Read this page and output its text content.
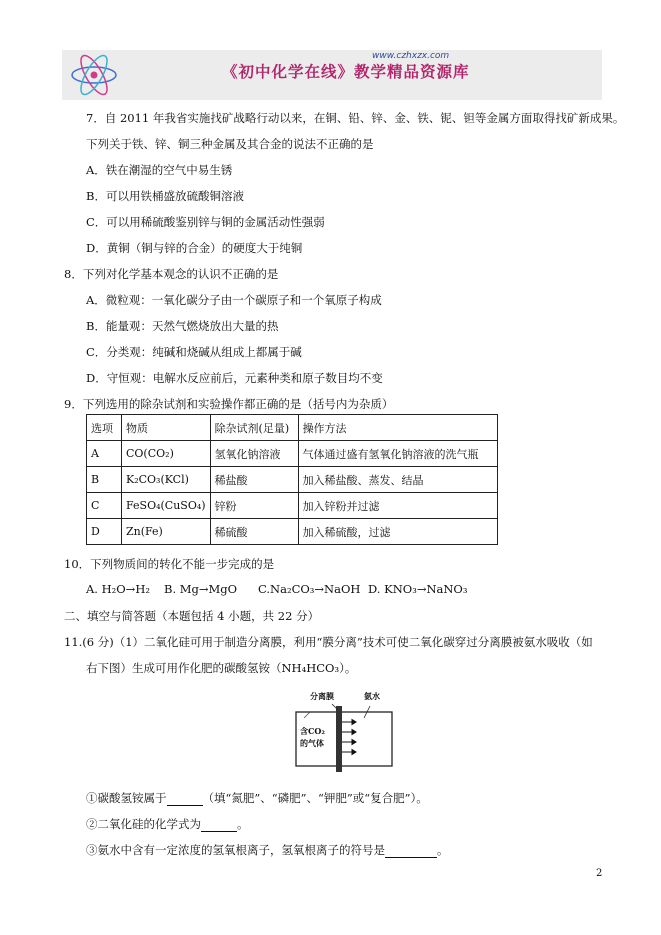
www.czhxzx.com
《初中化学在线》教学精品资源库
7．自 2011 年我省实施找矿战略行动以来，在铜、铅、锌、金、铁、铌、钽等金属方面取得找矿新成果。
下列关于铁、锌、铜三种金属及其合金的说法不正确的是
A．铁在潮湿的空气中易生锈
B．可以用铁桶盛放硫酸铜溶液
C．可以用稀硫酸鉴别锌与铜的金属活动性强弱
D．黄铜（铜与锌的合金）的硬度大于纯铜
8．下列对化学基本观念的认识不正确的是
A．微粒观：一氧化碳分子由一个碳原子和一个氧原子构成
B．能量观：天然气燃烧放出大量的热
C．分类观：纯碱和烧碱从组成上都属于碱
D．守恒观：电解水反应前后，元素种类和原子数目均不变
9．下列选用的除杂试剂和实验操作都正确的是（括号内为杂质）
选项	物质	除杂试剂(足量)	操作方法
A	CO(CO₂)	氢氧化钠溶液	气体通过盛有氢氧化钠溶液的洗气瓶
B	K₂CO₃(KCl)	稀盐酸	加入稀盐酸、蒸发、结晶
C	FeSO₄(CuSO₄)	锌粉	加入锌粉并过滤
D	Zn(Fe)	稀硫酸	加入稀硫酸，过滤
10．下列物质间的转化不能一步完成的是
A. H₂O→H₂ B. Mg→MgO C.Na₂CO₃→NaOH D. KNO₃→NaNO₃
二、填空与简答题（本题包括 4 小题，共 22 分）
11.(6 分)（1）二氧化硅可用于制造分离膜，利用“膜分离”技术可使二氧化碳穿过分离膜被氨水吸收（如
右下图）生成可用作化肥的碳酸氢铵（NH₄HCO₃）。
分离膜	氨水
含CO₂
的气体
①碳酸氢铵属于	（填“氮肥”、“磷肥”、“钾肥”或“复合肥”）。
②二氧化硅的化学式为	。
③氨水中含有一定浓度的氢氧根离子，氢氧根离子的符号是	。
2
